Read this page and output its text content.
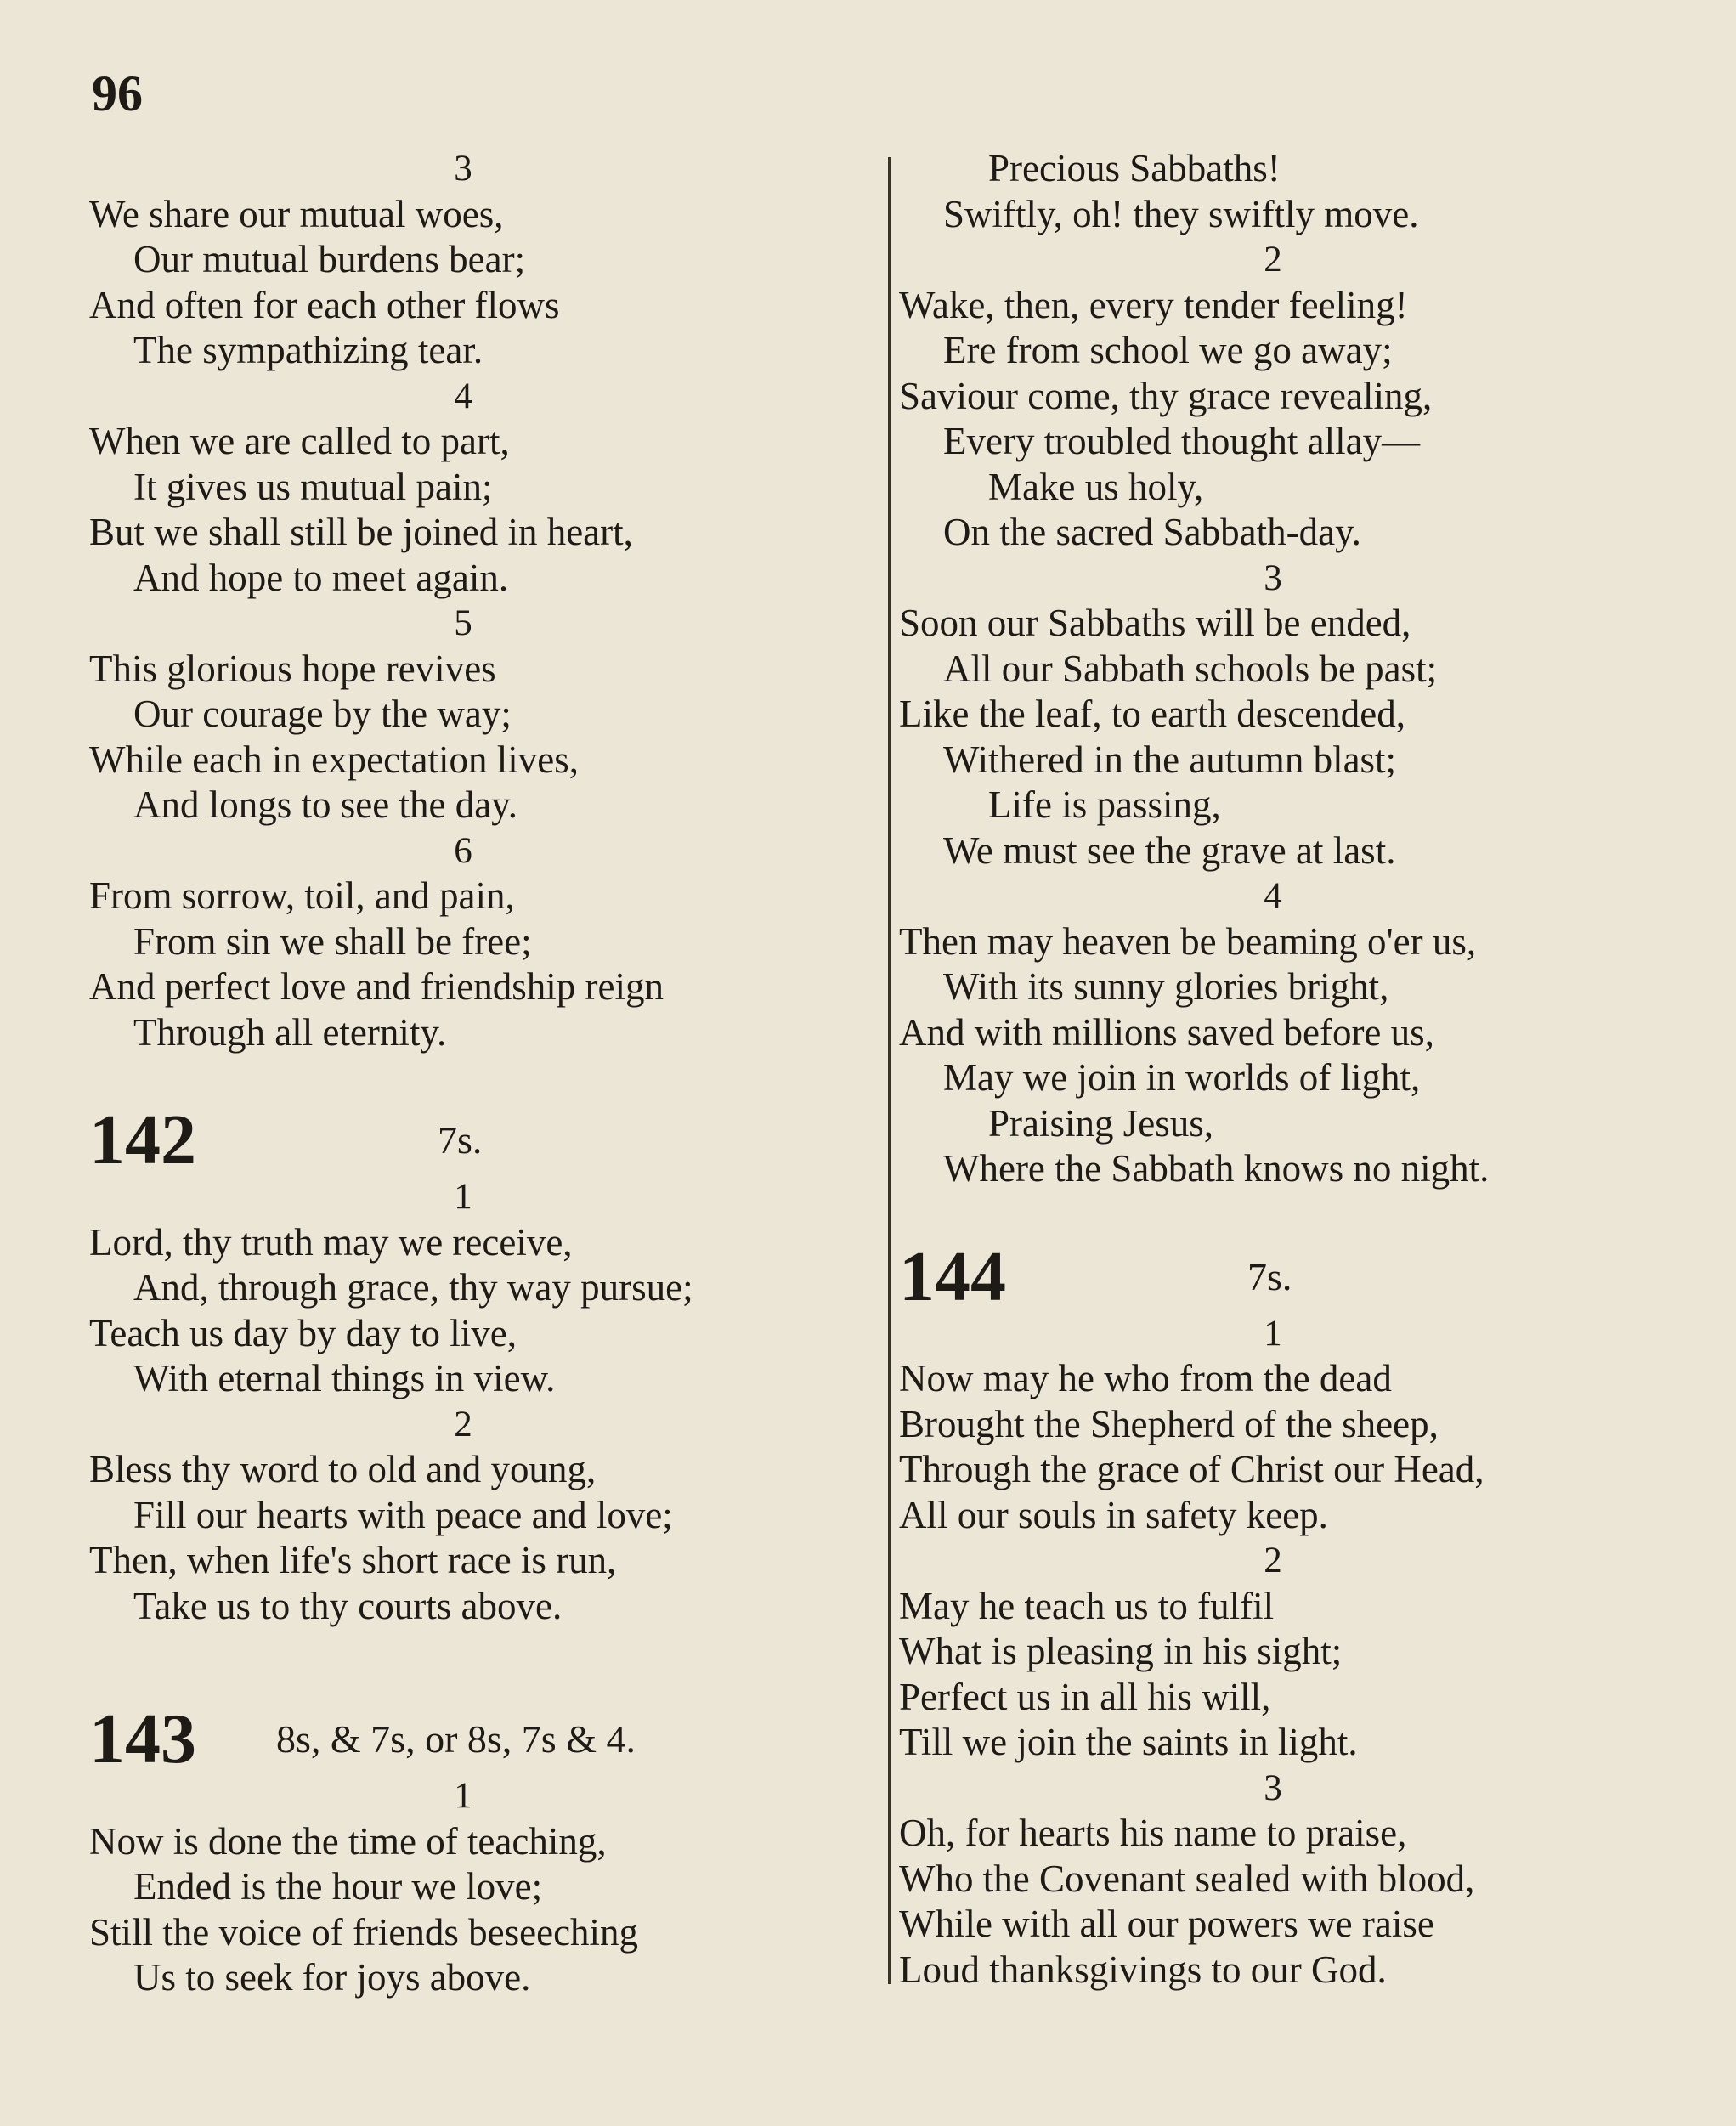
96
3
We share our mutual woes,
Our mutual burdens bear;
And often for each other flows
The sympathizing tear.
4
When we are called to part,
It gives us mutual pain;
But we shall still be joined in heart,
And hope to meet again.
5
This glorious hope revives
Our courage by the way;
While each in expectation lives,
And longs to see the day.
6
From sorrow, toil, and pain,
From sin we shall be free;
And perfect love and friendship reign
Through all eternity.
142	7s.
1
Lord, thy truth may we receive,
And, through grace, thy way pursue;
Teach us day by day to live,
With eternal things in view.
2
Bless thy word to old and young,
Fill our hearts with peace and love;
Then, when life's short race is run,
Take us to thy courts above.
143 8s, & 7s, or 8s, 7s & 4.
1
Now is done the time of teaching,
Ended is the hour we love;
Still the voice of friends beseeching
Us to seek for joys above.
Precious Sabbaths!
Swiftly, oh! they swiftly move.
2
Wake, then, every tender feeling!
Ere from school we go away;
Saviour come, thy grace revealing,
Every troubled thought allay—
Make us holy,
On the sacred Sabbath-day.
3
Soon our Sabbaths will be ended,
All our Sabbath schools be past;
Like the leaf, to earth descended,
Withered in the autumn blast;
Life is passing,
We must see the grave at last.
4
Then may heaven be beaming o'er us,
With its sunny glories bright,
And with millions saved before us,
May we join in worlds of light,
Praising Jesus,
Where the Sabbath knows no night.
144	7s.
1
Now may he who from the dead
Brought the Shepherd of the sheep,
Through the grace of Christ our Head,
All our souls in safety keep.
2
May he teach us to fulfil
What is pleasing in his sight;
Perfect us in all his will,
Till we join the saints in light.
3
Oh, for hearts his name to praise,
Who the Covenant sealed with blood,
While with all our powers we raise
Loud thanksgivings to our God.
